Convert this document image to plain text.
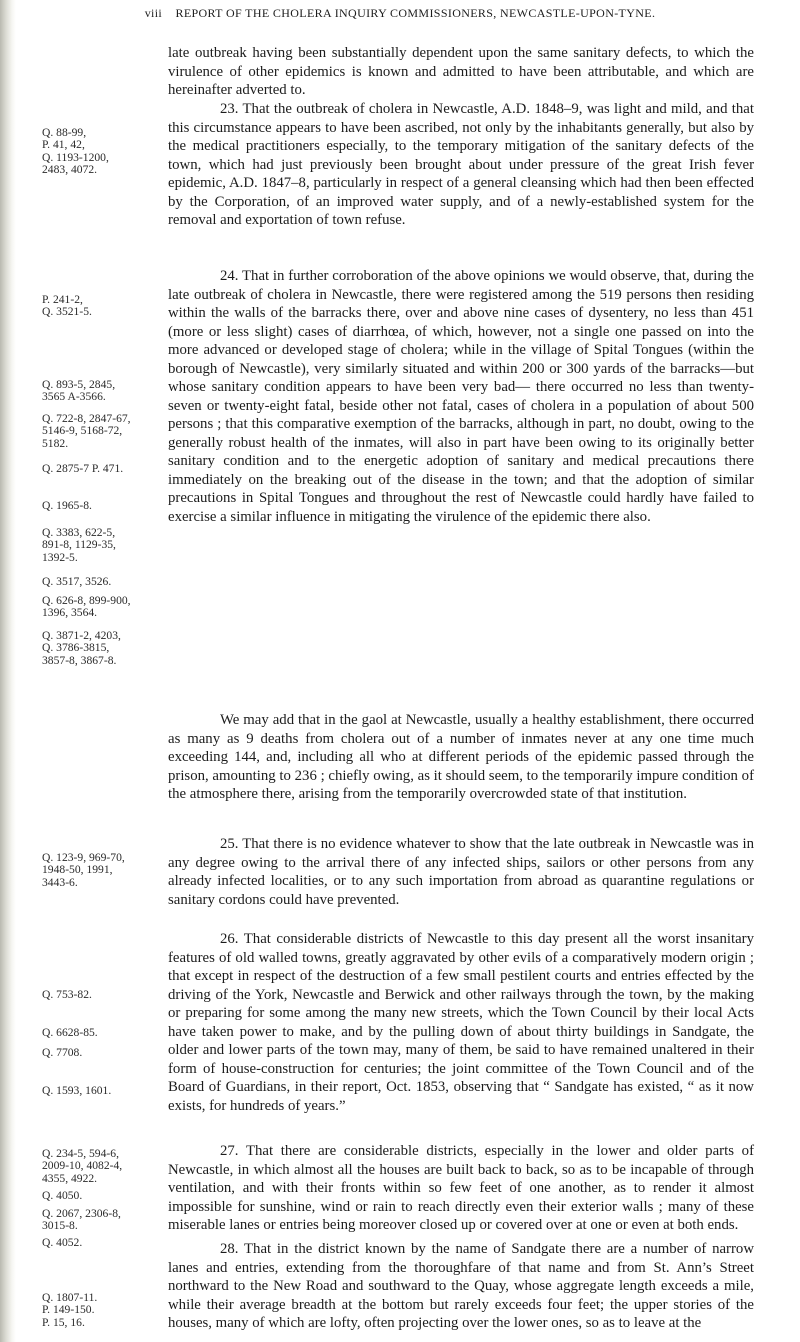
viii REPORT OF THE CHOLERA INQUIRY COMMISSIONERS, NEWCASTLE-UPON-TYNE.

late outbreak having been substantially dependent upon the same sanitary defects, to which the virulence of other epidemics is known and admitted to have been attributable, and which are hereinafter adverted to.

23. That the outbreak of cholera in Newcastle, A.D. 1848–9, was light and mild, and that this circumstance appears to have been ascribed, not only by the inhabitants generally, but also by the medical practitioners especially, to the temporary mitigation of the sanitary defects of the town, which had just previously been brought about under pressure of the great Irish fever epidemic, A.D. 1847–8, particularly in respect of a general cleansing which had then been effected by the Corporation, of an improved water supply, and of a newly-established system for the removal and exportation of town refuse.

24. That in further corroboration of the above opinions we would observe, that, during the late outbreak of cholera in Newcastle, there were registered among the 519 persons then residing within the walls of the barracks there, over and above nine cases of dysentery, no less than 451 (more or less slight) cases of diarrhœa, of which, however, not a single one passed on into the more advanced or developed stage of cholera; while in the village of Spital Tongues (within the borough of Newcastle), very similarly situated and within 200 or 300 yards of the barracks—but whose sanitary condition appears to have been very bad— there occurred no less than twenty-seven or twenty-eight fatal, beside other not fatal, cases of cholera in a population of about 500 persons ; that this comparative exemption of the barracks, although in part, no doubt, owing to the generally robust health of the inmates, will also in part have been owing to its originally better sanitary condition and to the energetic adoption of sanitary and medical precautions there immediately on the breaking out of the disease in the town; and that the adoption of similar precautions in Spital Tongues and throughout the rest of Newcastle could hardly have failed to exercise a similar influence in mitigating the virulence of the epidemic there also.

We may add that in the gaol at Newcastle, usually a healthy establishment, there occurred as many as 9 deaths from cholera out of a number of inmates never at any one time much exceeding 144, and, including all who at different periods of the epidemic passed through the prison, amounting to 236 ; chiefly owing, as it should seem, to the temporarily impure condition of the atmosphere there, arising from the temporarily overcrowded state of that institution.

25. That there is no evidence whatever to show that the late outbreak in Newcastle was in any degree owing to the arrival there of any infected ships, sailors or other persons from any already infected localities, or to any such importation from abroad as quarantine regulations or sanitary cordons could have prevented.

26. That considerable districts of Newcastle to this day present all the worst insanitary features of old walled towns, greatly aggravated by other evils of a comparatively modern origin ; that except in respect of the destruction of a few small pestilent courts and entries effected by the driving of the York, Newcastle and Berwick and other railways through the town, by the making or preparing for some among the many new streets, which the Town Council by their local Acts have taken power to make, and by the pulling down of about thirty buildings in Sandgate, the older and lower parts of the town may, many of them, be said to have remained unaltered in their form of house-construction for centuries; the joint committee of the Town Council and of the Board of Guardians, in their report, Oct. 1853, observing that “ Sandgate has existed, “ as it now exists, for hundreds of years.”

27. That there are considerable districts, especially in the lower and older parts of Newcastle, in which almost all the houses are built back to back, so as to be incapable of through ventilation, and with their fronts within so few feet of one another, as to render it almost impossible for sunshine, wind or rain to reach directly even their exterior walls ; many of these miserable lanes or entries being moreover closed up or covered over at one or even at both ends.

28. That in the district known by the name of Sandgate there are a number of narrow lanes and entries, extending from the thoroughfare of that name and from St. Ann’s Street northward to the New Road and southward to the Quay, whose aggregate length exceeds a mile, while their average breadth at the bottom but rarely exceeds four feet; the upper stories of the houses, many of which are lofty, often projecting over the lower ones, so as to leave at the

Q. 88-99,
P. 41, 42,
Q. 1193-1200,
2483, 4072.
P. 241-2,
Q. 3521-5.
Q. 893-5, 2845,
3565 A-3566.
Q. 722-8, 2847-67,
5146-9, 5168-72,
5182.
Q. 2875-7 P. 471.
Q. 1965-8.
Q. 3383, 622-5,
891-8, 1129-35,
1392-5.
Q. 3517, 3526.
Q. 626-8, 899-900,
1396, 3564.
Q. 3871-2, 4203,
Q. 3786-3815,
3857-8, 3867-8.
Q. 123-9, 969-70,
1948-50, 1991,
3443-6.
Q. 753-82.
Q. 6628-85.
Q. 7708.
Q. 1593, 1601.
Q. 234-5, 594-6,
2009-10, 4082-4,
4355, 4922.
Q. 4050.
Q. 2067, 2306-8,
3015-8.
Q. 4052.
Q. 1807-11.
P. 149-150.
P. 15, 16.
